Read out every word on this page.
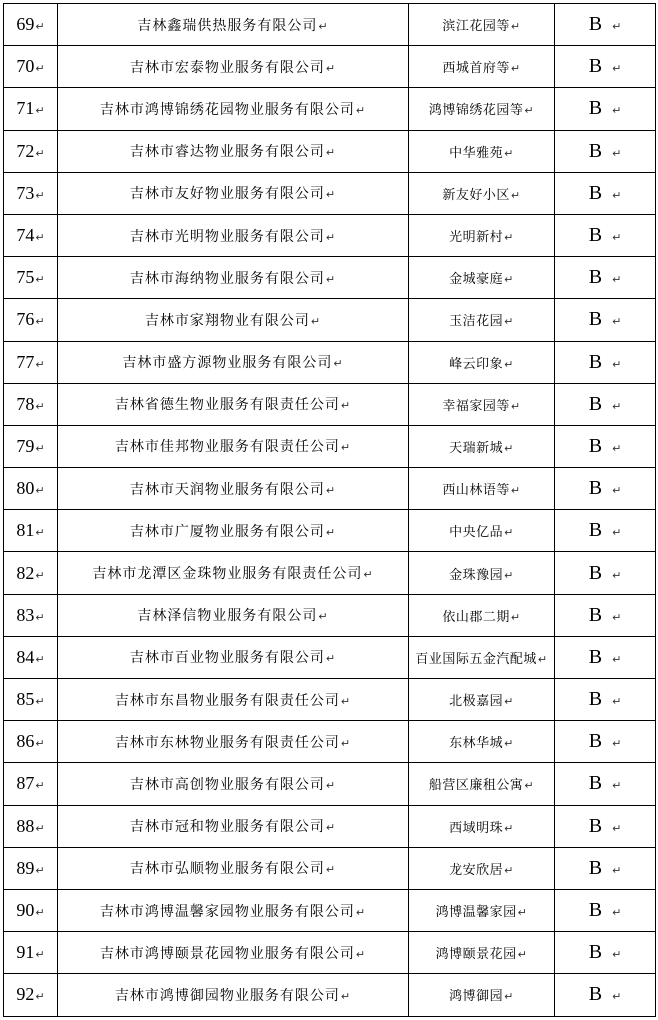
69↵	吉林鑫瑞供热服务有限公司↵	滨江花园等↵	B ↵
70↵	吉林市宏泰物业服务有限公司↵	西城首府等↵	B ↵
71↵	吉林市鸿博锦绣花园物业服务有限公司↵	鸿博锦绣花园等↵	B ↵
72↵	吉林市睿达物业服务有限公司↵	中华雅苑↵	B ↵
73↵	吉林市友好物业服务有限公司↵	新友好小区↵	B ↵
74↵	吉林市光明物业服务有限公司↵	光明新村↵	B ↵
75↵	吉林市海纳物业服务有限公司↵	金城豪庭↵	B ↵
76↵	吉林市家翔物业有限公司↵	玉洁花园↵	B ↵
77↵	吉林市盛方源物业服务有限公司↵	峰云印象↵	B ↵
78↵	吉林省德生物业服务有限责任公司↵	幸福家园等↵	B ↵
79↵	吉林市佳邦物业服务有限责任公司↵	天瑞新城↵	B ↵
80↵	吉林市天润物业服务有限公司↵	西山林语等↵	B ↵
81↵	吉林市广厦物业服务有限公司↵	中央亿品↵	B ↵
82↵	吉林市龙潭区金珠物业服务有限责任公司↵	金珠豫园↵	B ↵
83↵	吉林泽信物业服务有限公司↵	依山郡二期↵	B ↵
84↵	吉林市百业物业服务有限公司↵	百业国际五金汽配城↵	B ↵
85↵	吉林市东昌物业服务有限责任公司↵	北极嘉园↵	B ↵
86↵	吉林市东林物业服务有限责任公司↵	东林华城↵	B ↵
87↵	吉林市高创物业服务有限公司↵	船营区廉租公寓↵	B ↵
88↵	吉林市冠和物业服务有限公司↵	西域明珠↵	B ↵
89↵	吉林市弘顺物业服务有限公司↵	龙安欣居↵	B ↵
90↵	吉林市鸿博温馨家园物业服务有限公司↵	鸿博温馨家园↵	B ↵
91↵	吉林市鸿博颐景花园物业服务有限公司↵	鸿博颐景花园↵	B ↵
92↵	吉林市鸿博御园物业服务有限公司↵	鸿博御园↵	B ↵
